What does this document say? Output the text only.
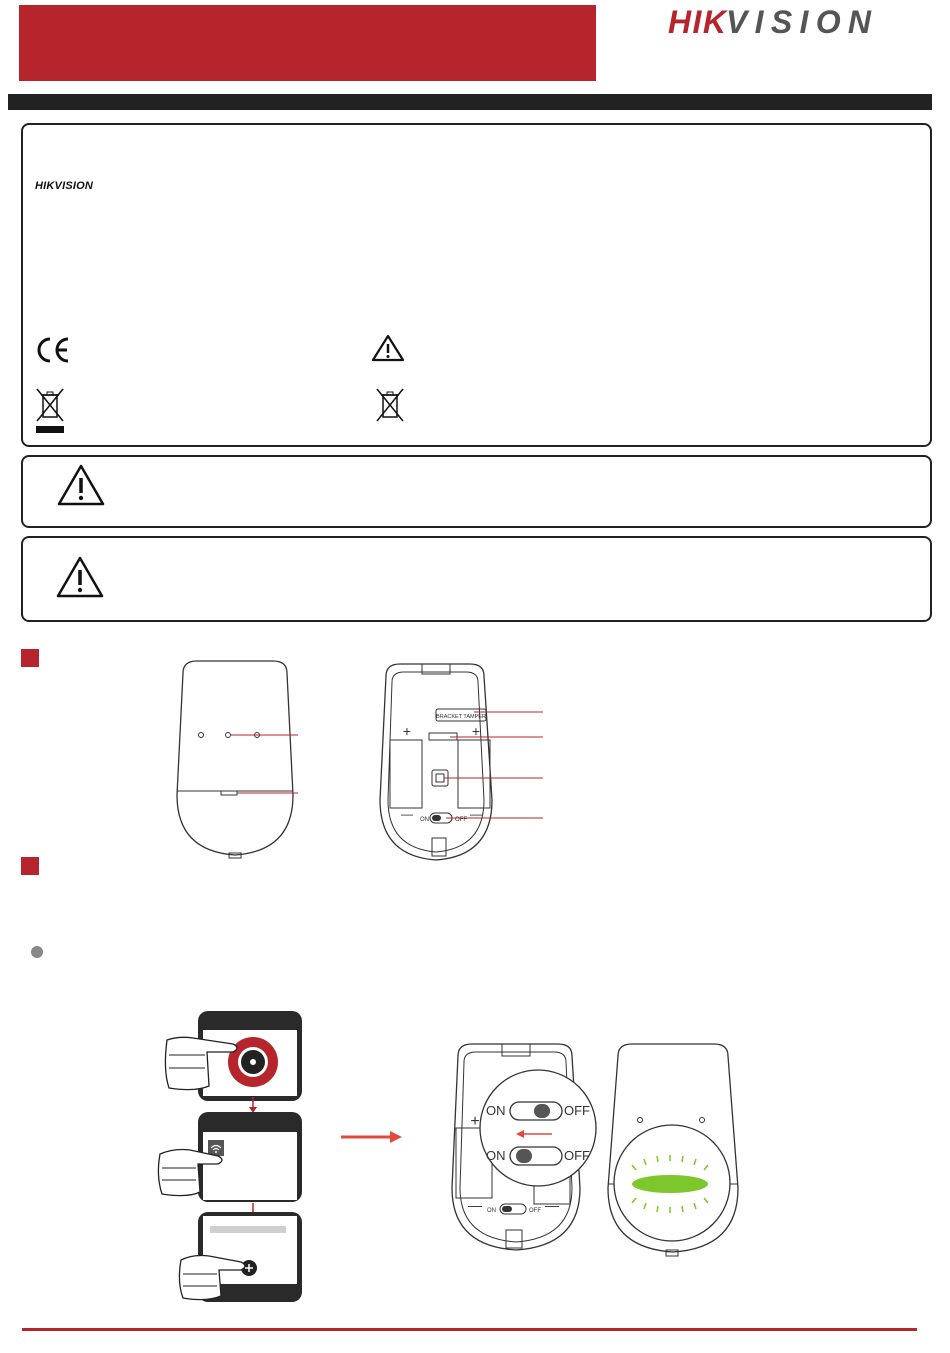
HIK VISION
HIKVISION
BRACKET TAMPER
+	+
—	—
ON	OFF
+
—	—
ON	OFF
ON	OFF
ON	OFF
